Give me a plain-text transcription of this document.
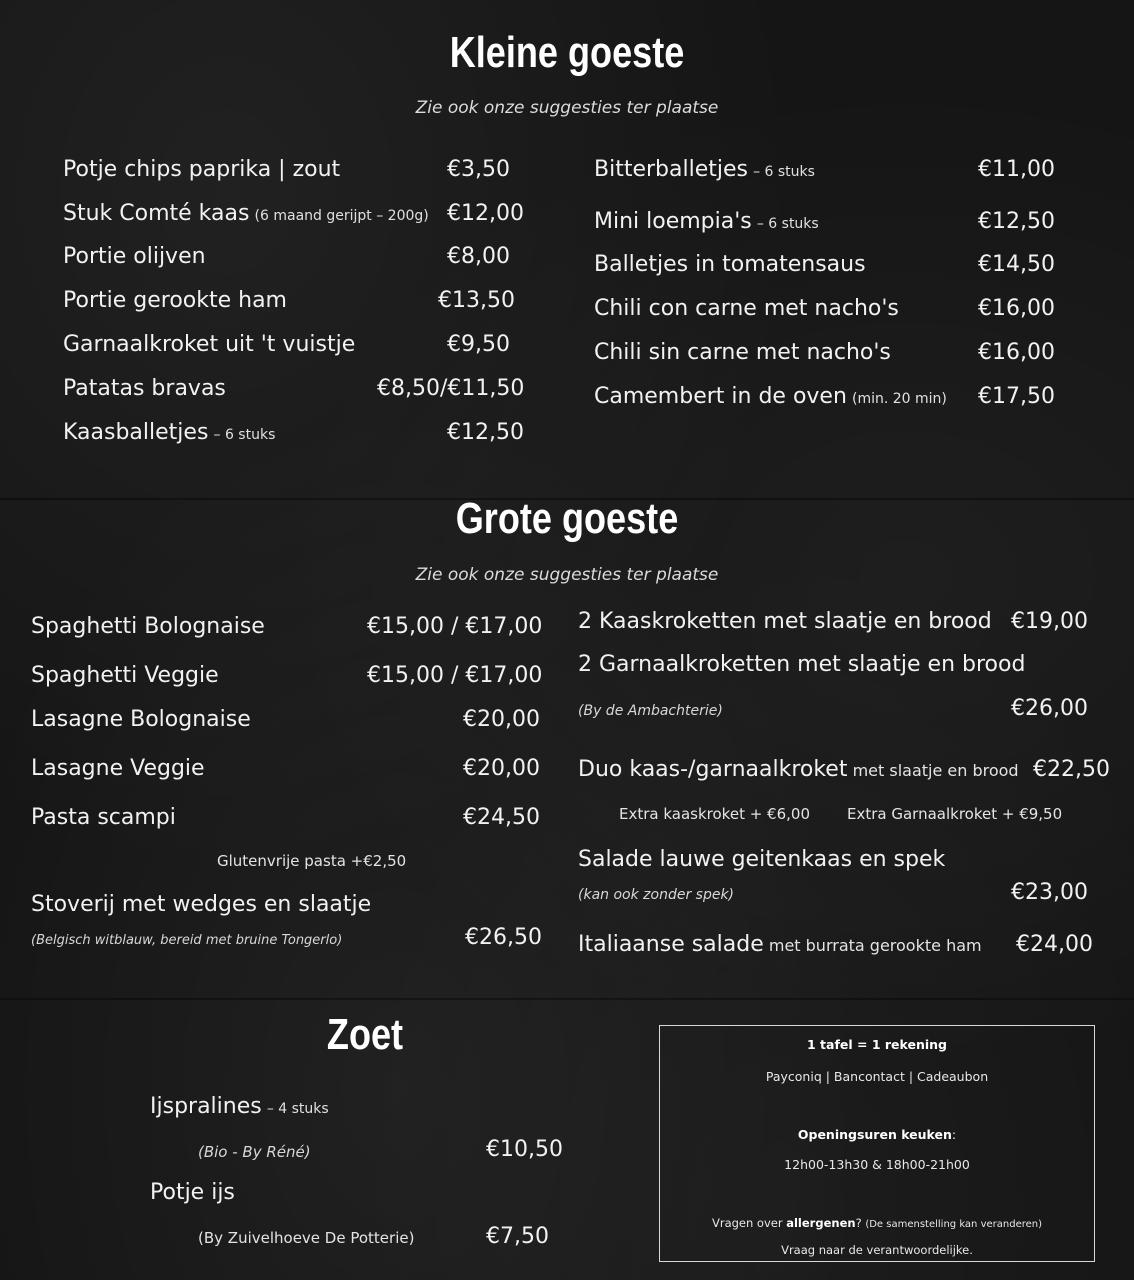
Kleine goeste
Zie ook onze suggesties ter plaatse
Potje chips paprika | zout	€3,50
Stuk Comté kaas (6 maand gerijpt – 200g) €12,00
Portie olijven	€8,00
Portie gerookte ham	€13,50
Garnaalkroket uit 't vuistje	€9,50
Patatas bravas	€8,50/€11,50
Kaasballetjes – 6 stuks	€12,50
Bitterballetjes – 6 stuks	€11,00
Mini loempia's – 6 stuks	€12,50
Balletjes in tomatensaus	€14,50
Chili con carne met nacho's	€16,00
Chili sin carne met nacho's	€16,00
Camembert in de oven (min. 20 min) €17,50
Grote goeste
Zie ook onze suggesties ter plaatse
Spaghetti Bolognaise	€15,00 / €17,00
Spaghetti Veggie	€15,00 / €17,00
Lasagne Bolognaise	€20,00
Lasagne Veggie	€20,00
Pasta scampi	€24,50
Glutenvrije pasta +€2,50
Stoverij met wedges en slaatje
(Belgisch witblauw, bereid met bruine Tongerlo)	€26,50
2 Kaaskroketten met slaatje en brood €19,00
2 Garnaalkroketten met slaatje en brood
(By de Ambachterie)	€26,00
Duo kaas-/garnaalkroket met slaatje en brood €22,50
Extra kaaskroket + €6,00 Extra Garnaalkroket + €9,50
Salade lauwe geitenkaas en spek
(kan ook zonder spek)	€23,00
Italiaanse salade met burrata gerookte ham €24,00
Zoet
Ijspralines – 4 stuks
(Bio - By Réné)	€10,50
Potje ijs
(By Zuivelhoeve De Potterie)	€7,50
1 tafel = 1 rekening
Payconiq | Bancontact | Cadeaubon
Openingsuren keuken:
12h00-13h30 & 18h00-21h00
Vragen over allergenen? (De samenstelling kan veranderen)
Vraag naar de verantwoordelijke.
